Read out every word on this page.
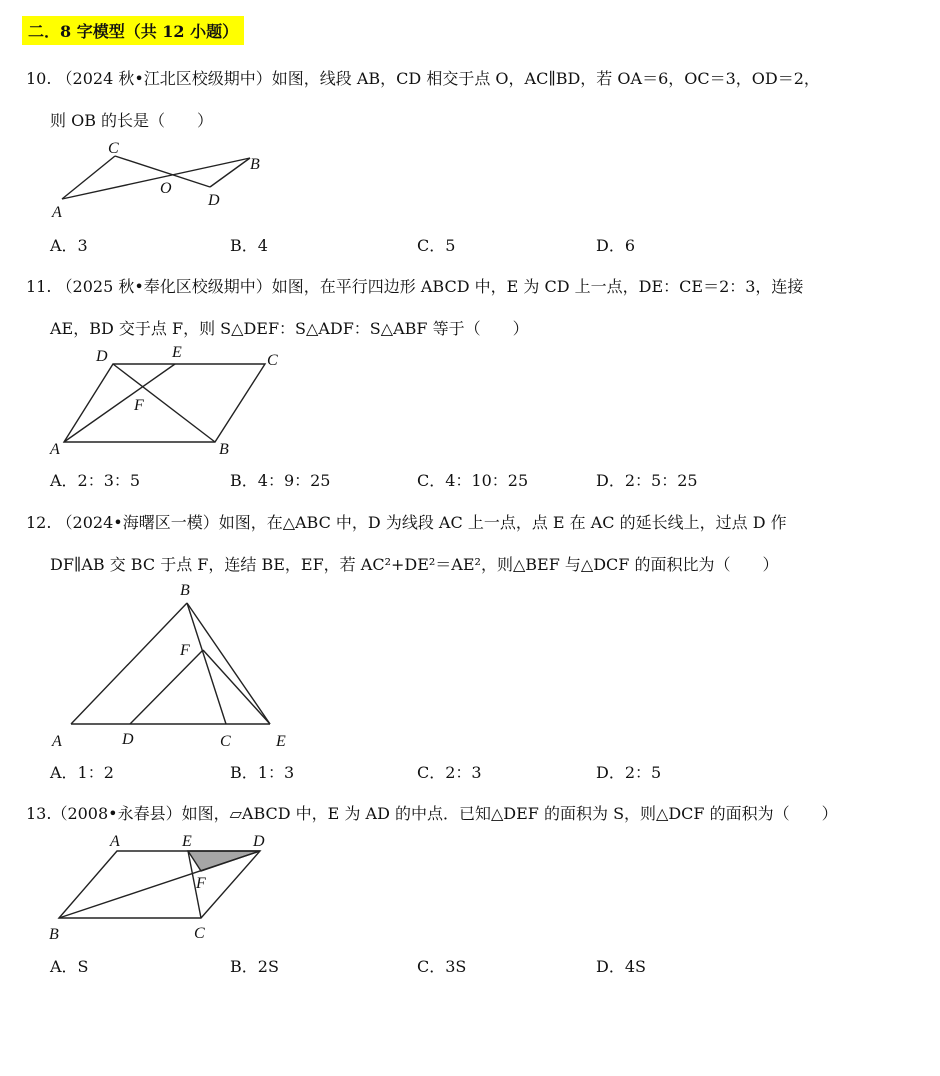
二．8 字模型（共 12 小题）
10. （2024 秋•江北区校级期中）如图，线段 AB，CD 相交于点 O，AC∥BD，若 OA＝6，OC＝3，OD＝2，
则 OB 的长是（　　）
C
B
O
D
A
A．3	B．4	C．5	D．6
11. （2025 秋•奉化区校级期中）如图，在平行四边形 ABCD 中，E 为 CD 上一点，DE：CE＝2：3，连接
AE，BD 交于点 F，则 S△DEF：S△ADF：S△ABF 等于（　　）
D	E	C
F
A	B
A．2：3：5	B．4：9：25	C．4：10：25	D．2：5：25
12. （2024•海曙区一模）如图，在△ABC 中，D 为线段 AC 上一点，点 E 在 AC 的延长线上，过点 D 作
DF∥AB 交 BC 于点 F，连结 BE，EF，若 AC²+DE²＝AE²，则△BEF 与△DCF 的面积比为（　　）
B
F
A	D	C	E
A．1：2	B．1：3	C．2：3	D．2：5
13.（2008•永春县）如图，▱ABCD 中，E 为 AD 的中点．已知△DEF 的面积为 S，则△DCF 的面积为（　　）
A	E	D
F
B	C
A．S	B．2S	C．3S	D．4S
